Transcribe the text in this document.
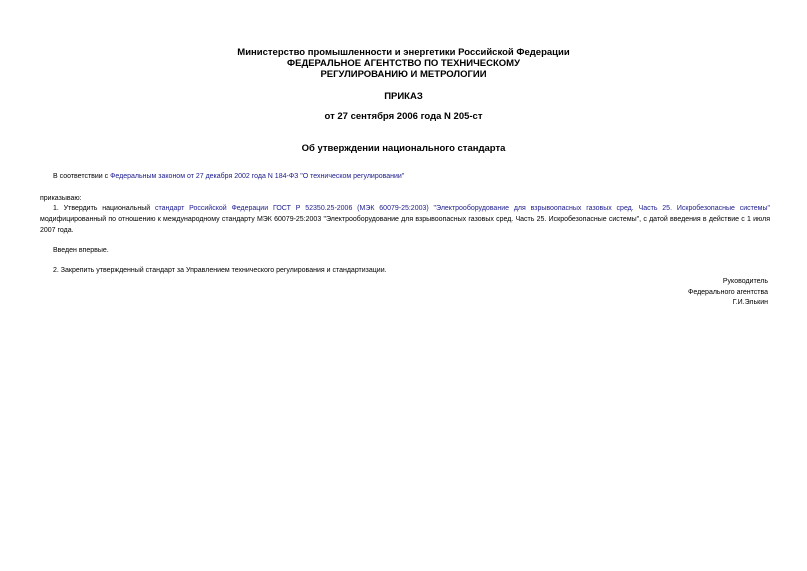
Министерство промышленности и энергетики Российской Федерации
ФЕДЕРАЛЬНОЕ АГЕНТСТВО ПО ТЕХНИЧЕСКОМУ
РЕГУЛИРОВАНИЮ И МЕТРОЛОГИИ
ПРИКАЗ
от 27 сентября 2006 года N 205-ст
Об утверждении национального стандарта
В соответствии с Федеральным законом от 27 декабря 2002 года N 184-ФЗ "О техническом регулировании"
приказываю:
1. Утвердить национальный стандарт Российской Федерации ГОСТ Р 52350.25-2006 (МЭК 60079-25:2003) "Электрооборудование для взрывоопасных газовых сред. Часть 25. Искробезопасные системы" модифицированный по отношению к международному стандарту МЭК 60079-25:2003 "Электрооборудование для взрывоопасных газовых сред. Часть 25. Искробезопасные системы", с датой введения в действие с 1 июля 2007 года.
Введен впервые.
2. Закрепить утвержденный стандарт за Управлением технического регулирования и стандартизации.
Руководитель
Федерального агентства
Г.И.Элькин
